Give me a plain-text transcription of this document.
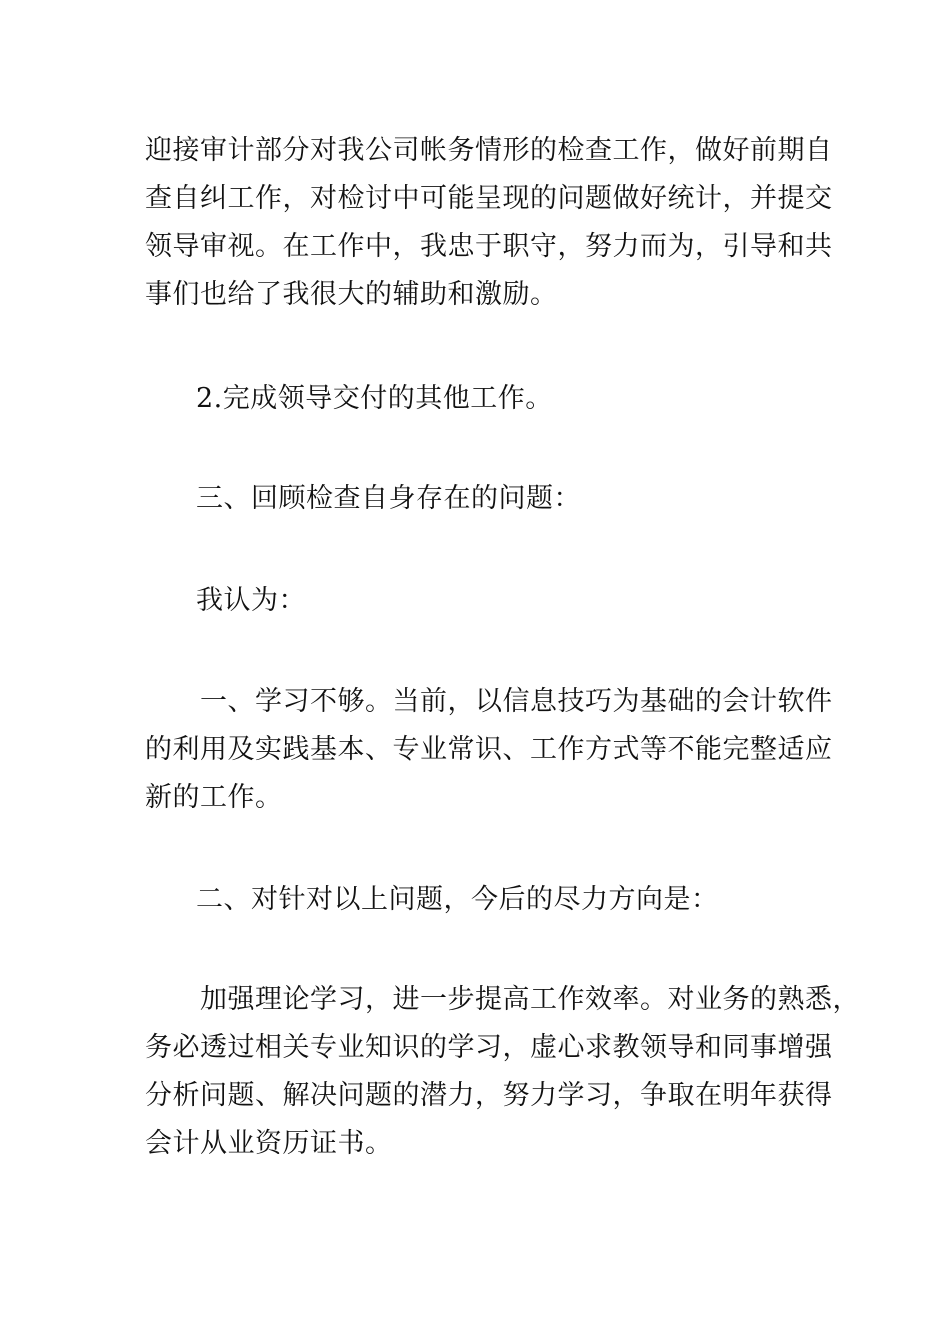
迎接审计部分对我公司帐务情形的检查工作，做好前期自
查自纠工作，对检讨中可能呈现的问题做好统计，并提交
领导审视。在工作中，我忠于职守，努力而为，引导和共
事们也给了我很大的辅助和激励。
2.完成领导交付的其他工作。
三、回顾检查自身存在的问题：
我认为：
一、学习不够。当前，以信息技巧为基础的会计软件
的利用及实践基本、专业常识、工作方式等不能完整适应
新的工作。
二、对针对以上问题，今后的尽力方向是：
加强理论学习，进一步提高工作效率。对业务的熟悉，
务必透过相关专业知识的学习，虚心求教领导和同事增强
分析问题、解决问题的潜力，努力学习，争取在明年获得
会计从业资历证书。
